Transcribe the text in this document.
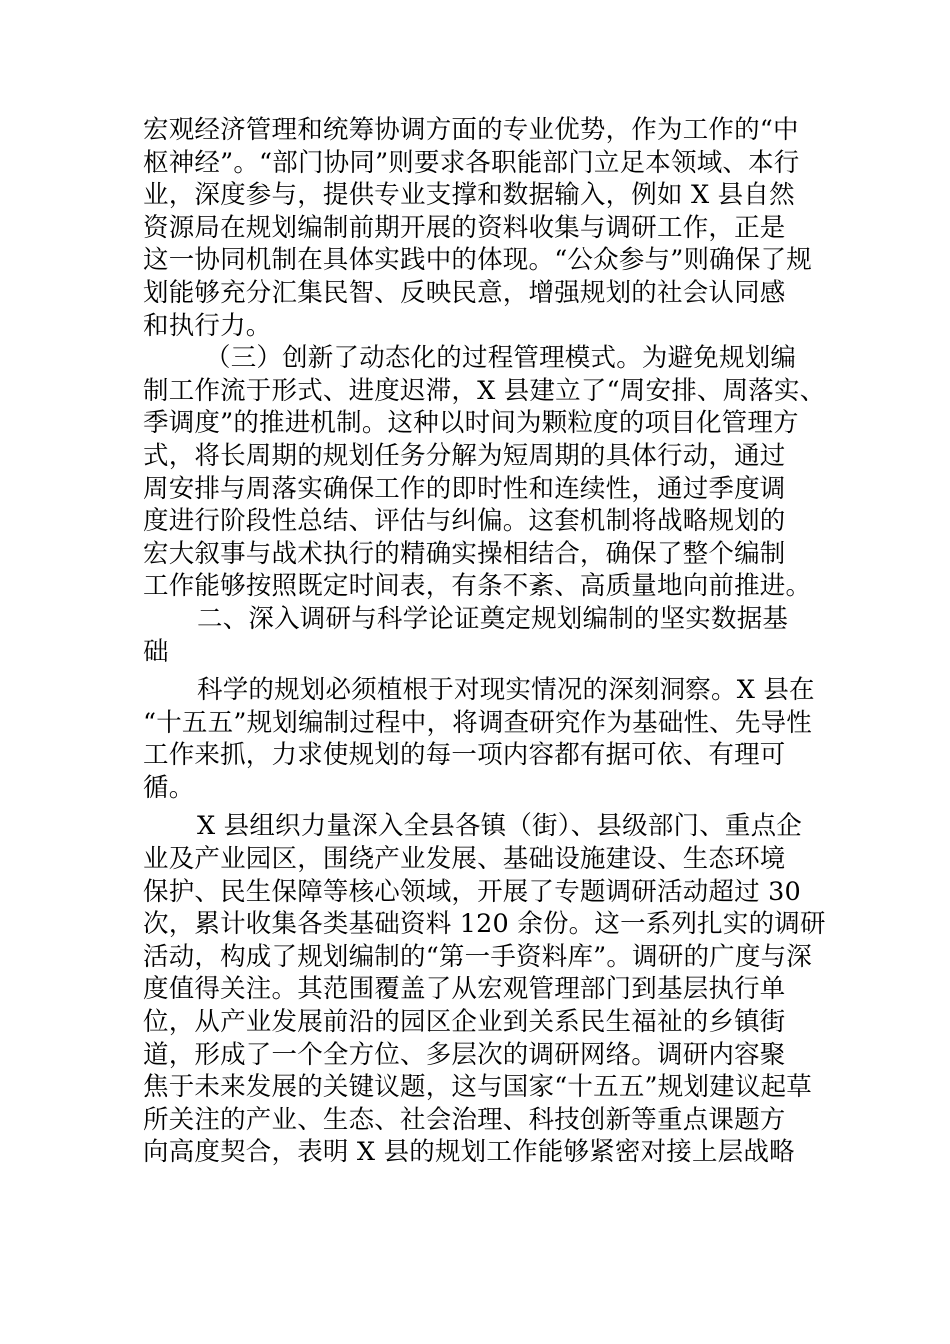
宏观经济管理和统筹协调方面的专业优势，作为工作的“中
枢神经”。“部门协同”则要求各职能部门立足本领域、本行
业，深度参与，提供专业支撑和数据输入，例如 X 县自然
资源局在规划编制前期开展的资料收集与调研工作，正是
这一协同机制在具体实践中的体现。“公众参与”则确保了规
划能够充分汇集民智、反映民意，增强规划的社会认同感
和执行力。
（三）创新了动态化的过程管理模式。为避免规划编
制工作流于形式、进度迟滞，X 县建立了“周安排、周落实、
季调度”的推进机制。这种以时间为颗粒度的项目化管理方
式，将长周期的规划任务分解为短周期的具体行动，通过
周安排与周落实确保工作的即时性和连续性，通过季度调
度进行阶段性总结、评估与纠偏。这套机制将战略规划的
宏大叙事与战术执行的精确实操相结合，确保了整个编制
工作能够按照既定时间表，有条不紊、高质量地向前推进。
二、深入调研与科学论证奠定规划编制的坚实数据基
础
科学的规划必须植根于对现实情况的深刻洞察。X 县在
“十五五”规划编制过程中，将调查研究作为基础性、先导性
工作来抓，力求使规划的每一项内容都有据可依、有理可
循。
X 县组织力量深入全县各镇（街）、县级部门、重点企
业及产业园区，围绕产业发展、基础设施建设、生态环境
保护、民生保障等核心领域，开展了专题调研活动超过 30
次，累计收集各类基础资料 120 余份。这一系列扎实的调研
活动，构成了规划编制的“第一手资料库”。调研的广度与深
度值得关注。其范围覆盖了从宏观管理部门到基层执行单
位，从产业发展前沿的园区企业到关系民生福祉的乡镇街
道，形成了一个全方位、多层次的调研网络。调研内容聚
焦于未来发展的关键议题，这与国家“十五五”规划建议起草
所关注的产业、生态、社会治理、科技创新等重点课题方
向高度契合，表明 X 县的规划工作能够紧密对接上层战略
